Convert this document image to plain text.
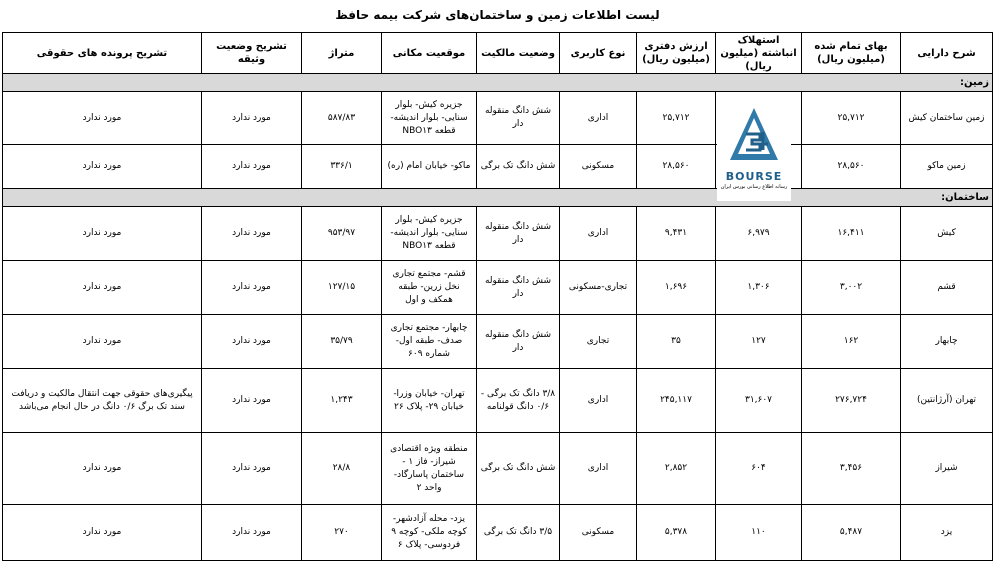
لیست اطلاعات زمین و ساختمان‌های شرکت بیمه حافظ
شرح دارایی	بهای تمام شده (میلیون ریال)	استهلاک انباشته (میلیون ریال)	ارزش دفتری (میلیون ریال)	نوع کاربری	وضعیت مالکیت	موقعیت مکانی	متراژ	تشریح وضعیت وثیقه	تشریح پرونده های حقوقی
زمین:									
زمین ساختمان کیش	۲۵,۷۱۲		۲۵,۷۱۲	اداری	شش دانگ منقوله دار	جزیره کیش- بلوار سنایی- بلوار اندیشه- قطعه NBO۱۳	۵۸۷/۸۳	مورد ندارد	مورد ندارد
زمین ماکو	۲۸,۵۶۰		۲۸,۵۶۰	مسکونی	شش دانگ تک برگی	ماکو- خیابان امام (ره)	۳۳۶/۱	مورد ندارد	مورد ندارد
ساختمان:									
کیش	۱۶,۴۱۱	۶,۹۷۹	۹,۴۳۱	اداری	شش دانگ منقوله دار	جزیره کیش- بلوار سنایی- بلوار اندیشه- قطعه NBO۱۳	۹۵۳/۹۷	مورد ندارد	مورد ندارد
قشم	۳,۰۰۲	۱,۳۰۶	۱,۶۹۶	تجاری-مسکونی	شش دانگ منقوله دار	قشم- مجتمع تجاری نخل زرین- طبقه همکف و اول	۱۲۷/۱۵	مورد ندارد	مورد ندارد
چابهار	۱۶۲	۱۲۷	۳۵	تجاری	شش دانگ منقوله دار	چابهار- مجتمع تجاری صدف- طبقه اول- شماره ۶۰۹	۳۵/۷۹	مورد ندارد	مورد ندارد
تهران (آرژانتین)	۲۷۶,۷۲۴	۳۱,۶۰۷	۲۴۵,۱۱۷	اداری	۳/۸ دانگ تک برگی - ۰/۶ دانگ قولنامه	تهران- خیابان وزرا- خیابان ۲۹- پلاک ۲۶	۱,۲۴۳	مورد ندارد	پیگیری‌های حقوقی جهت انتقال مالکیت و دریافت سند تک برگ ۰/۶ دانگ در حال انجام می‌باشد
شیراز	۳,۴۵۶	۶۰۴	۲,۸۵۲	اداری	شش دانگ تک برگی	منطقه ویژه اقتصادی شیراز- فاز ۱ - ساختمان پاسارگاد- واحد ۲	۲۸/۸	مورد ندارد	مورد ندارد
یزد	۵,۴۸۷	۱۱۰	۵,۳۷۸	مسکونی	۳/۵ دانگ تک برگی	یزد- محله آزادشهر- کوچه ملکی- کوچه ۹ فردوسی- پلاک ۶	۲۷۰	مورد ندارد	مورد ندارد
BOURSE
رسانه اطلاع رسانی بورس ایران
